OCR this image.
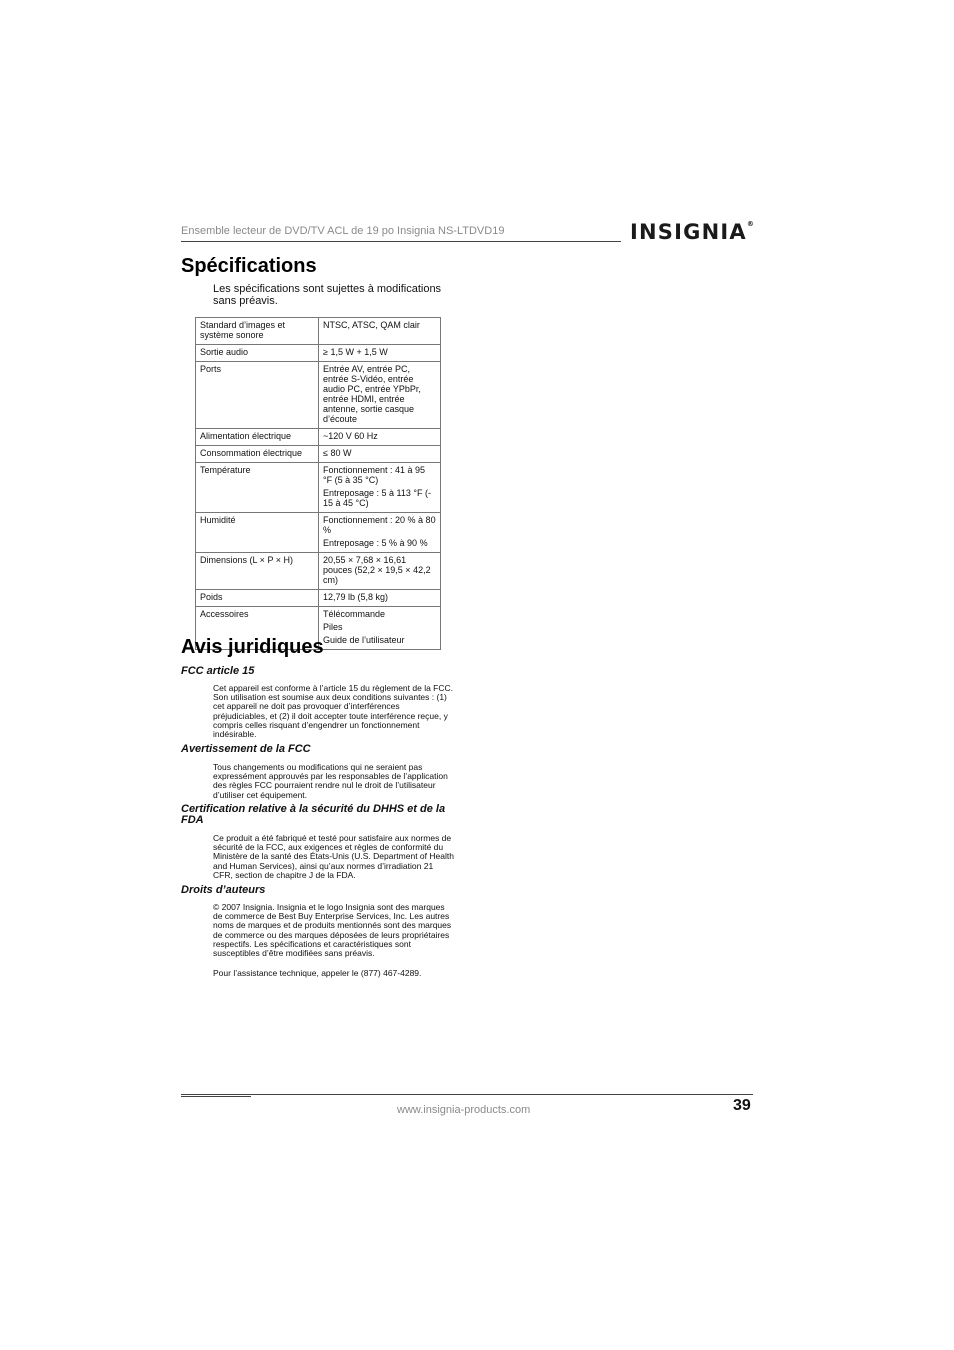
Ensemble lecteur de DVD/TV ACL de 19 po Insignia NS-LTDVD19	INSIGNIA®
Spécifications
Les spécifications sont sujettes à modifications sans préavis.
Standard d’images et système sonore	NTSC, ATSC, QAM clair

Sortie audio	≥ 1,5 W + 1,5 W

Ports	Entrée AV, entrée PC, entrée S-Vidéo, entrée audio PC, entrée YPbPr, entrée HDMI, entrée antenne, sortie casque d’écoute

Alimentation électrique	~120 V 60 Hz

Consommation électrique	≤ 80 W

Température	Fonctionnement : 41 à 95 °F (5 à 35 °C)

Entreposage : 5 à 113 °F (- 15 à 45 °C)

Humidité	Fonctionnement : 20 % à 80 %

Entreposage : 5 % à 90 %

Dimensions (L × P × H)	20,55 × 7,68 × 16,61 pouces (52,2 × 19,5 × 42,2 cm)

Poids	12,79 lb (5,8 kg)

Accessoires	Télécommande

Piles

Guide de l’utilisateur

Avis juridiques
FCC article 15

Cet appareil est conforme à l’article 15 du règlement de la FCC. Son utilisation est soumise aux deux conditions suivantes : (1) cet appareil ne doit pas provoquer d’interférences préjudiciables, et (2) il doit accepter toute interférence reçue, y compris celles risquant d’engendrer un fonctionnement indésirable.

Avertissement de la FCC

Tous changements ou modifications qui ne seraient pas expressément approuvés par les responsables de l’application des règles FCC pourraient rendre nul le droit de l’utilisateur d’utiliser cet équipement.

Certification relative à la sécurité du DHHS et de la FDA

Ce produit a été fabriqué et testé pour satisfaire aux normes de sécurité de la FCC, aux exigences et règles de conformité du Ministère de la santé des États-Unis (U.S. Department of Health and Human Services), ainsi qu’aux normes d’irradiation 21 CFR, section de chapitre J de la FDA.

Droits d’auteurs

© 2007 Insignia. Insignia et le logo Insignia sont des marques de commerce de Best Buy Enterprise Services, Inc. Les autres noms de marques et de produits mentionnés sont des marques de commerce ou des marques déposées de leurs propriétaires respectifs. Les spécifications et caractéristiques sont susceptibles d’être modifiées sans préavis.

Pour l’assistance technique, appeler le (877) 467-4289.

www.insignia-products.com	39
